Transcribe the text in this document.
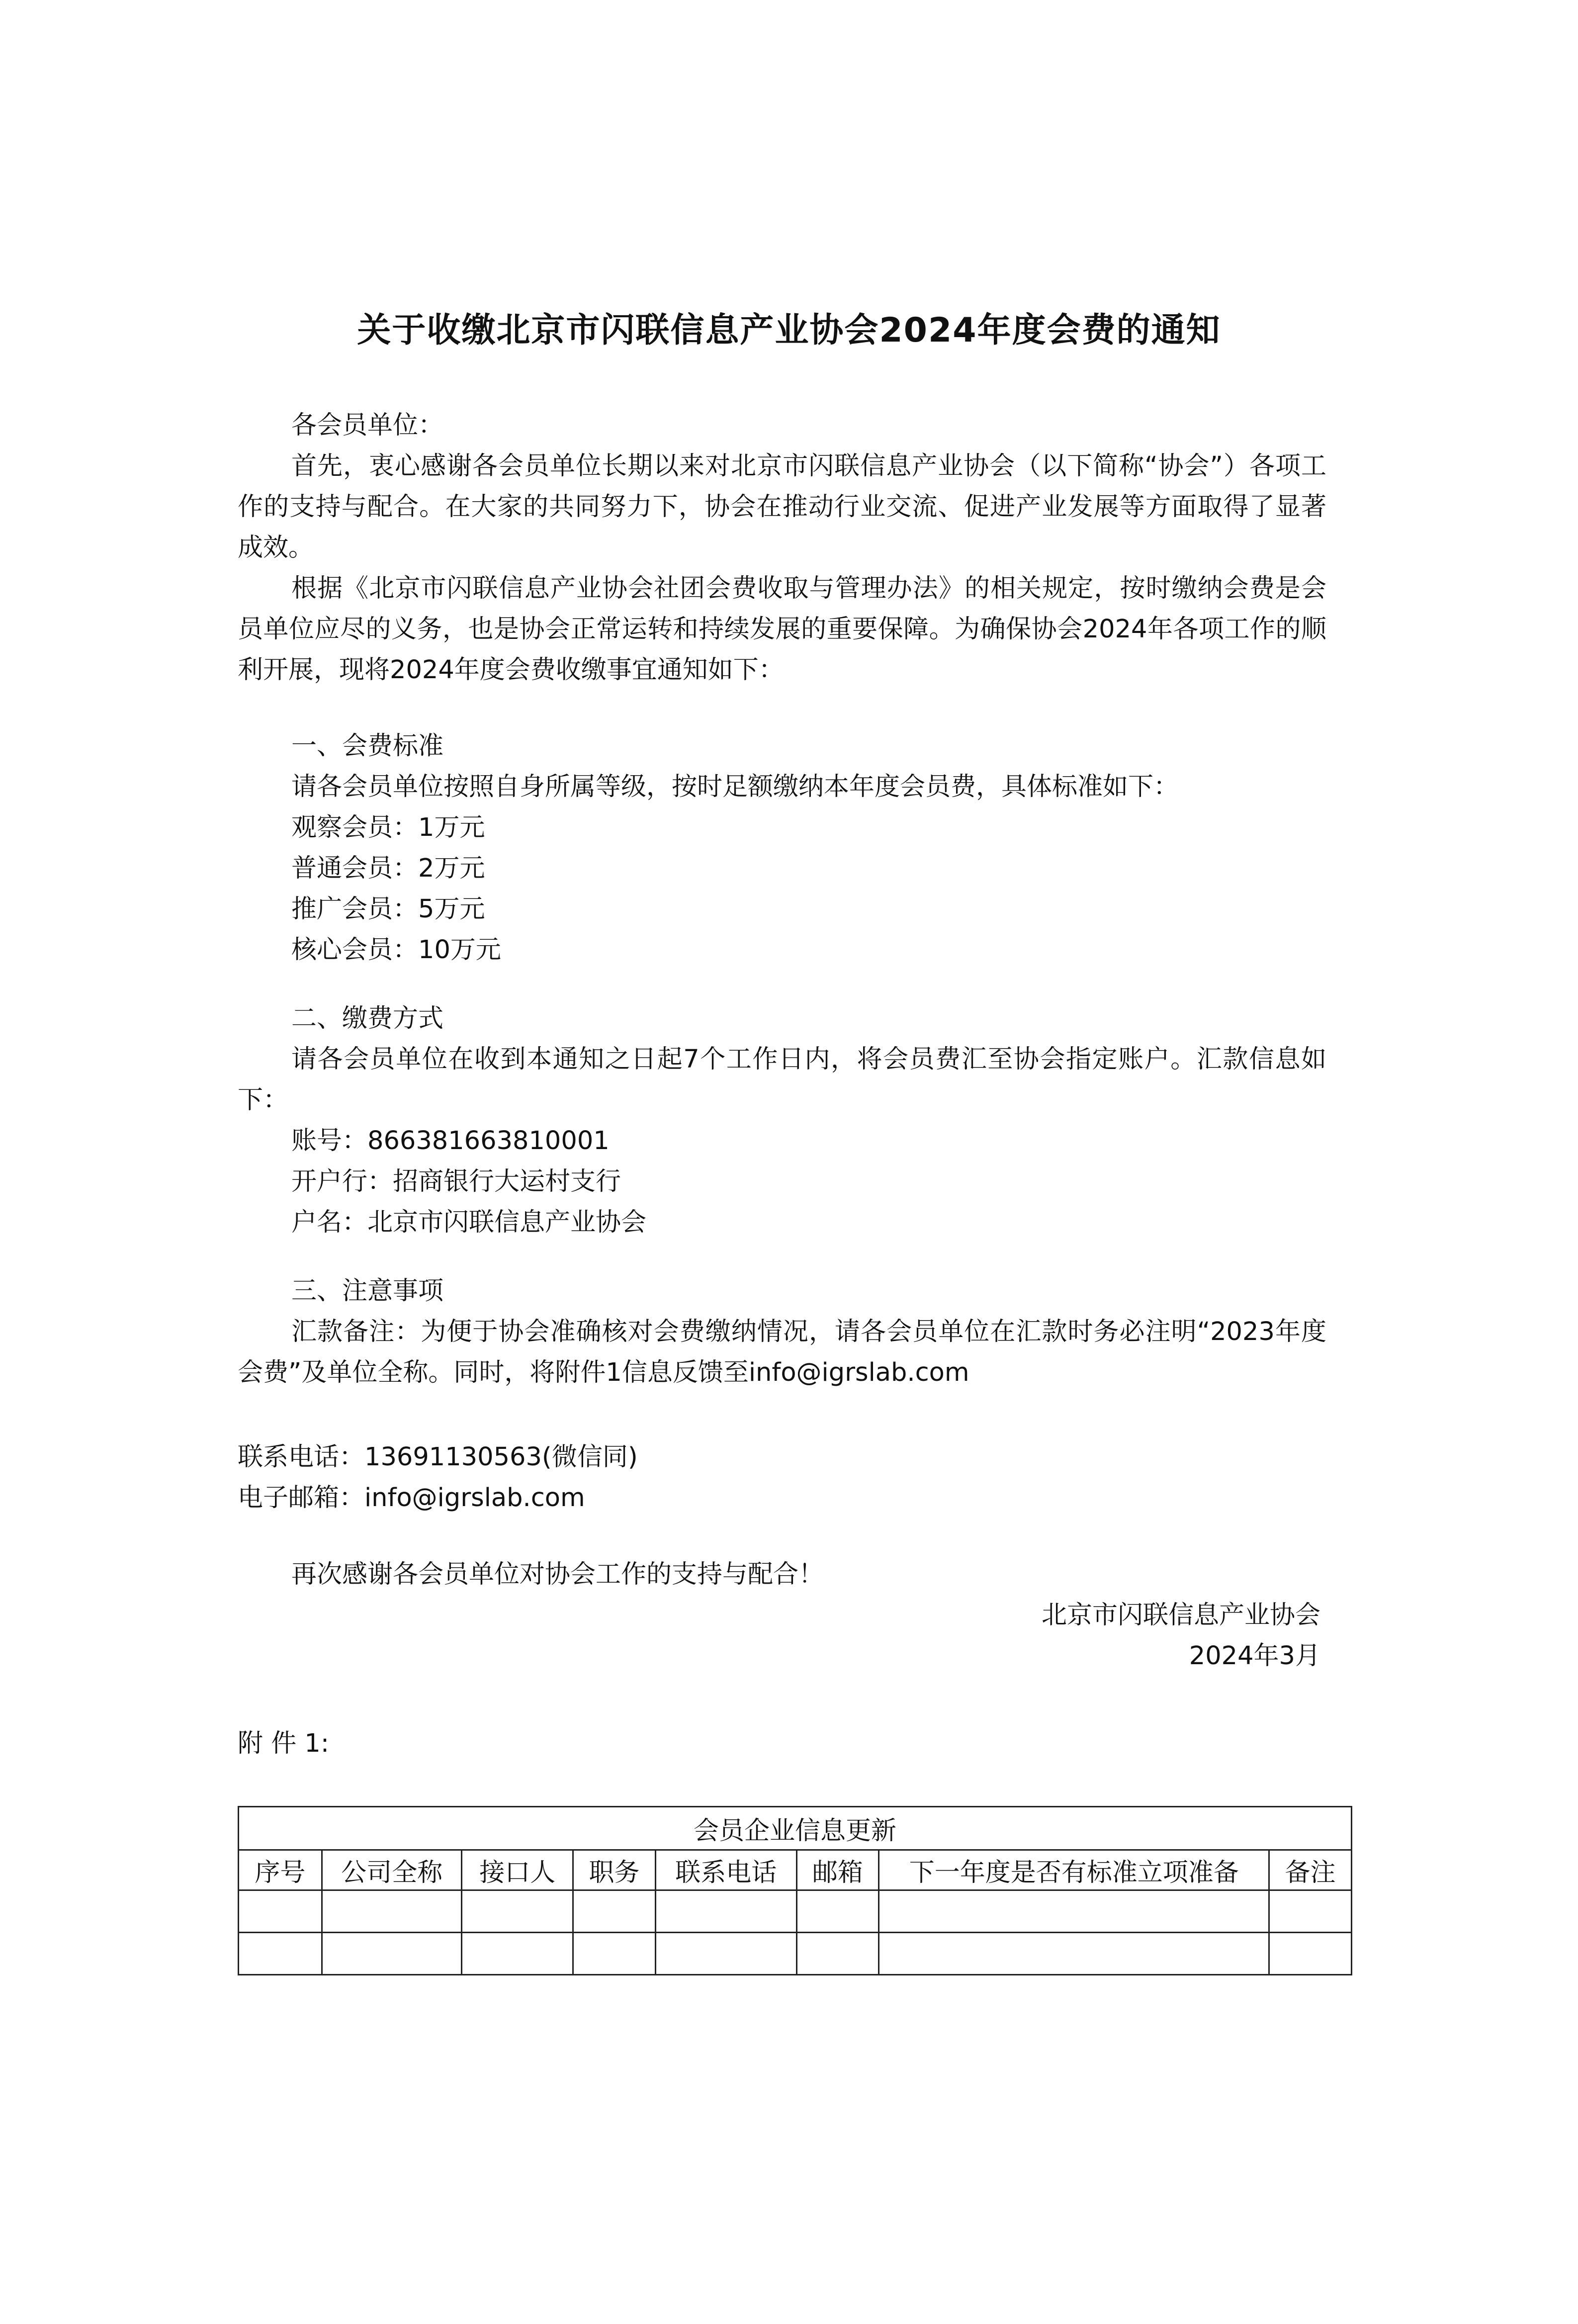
关于收缴北京市闪联信息产业协会2024年度会费的通知
各会员单位：
首先，衷心感谢各会员单位长期以来对北京市闪联信息产业协会（以下简称“协会”）各项工作的支持与配合。在大家的共同努力下，协会在推动行业交流、促进产业发展等方面取得了显著成效。
根据《北京市闪联信息产业协会社团会费收取与管理办法》的相关规定，按时缴纳会费是会员单位应尽的义务，也是协会正常运转和持续发展的重要保障。为确保协会2024年各项工作的顺利开展，现将2024年度会费收缴事宜通知如下：
一、会费标准
请各会员单位按照自身所属等级，按时足额缴纳本年度会员费，具体标准如下：
观察会员：1万元
普通会员：2万元
推广会员：5万元
核心会员：10万元
二、缴费方式
请各会员单位在收到本通知之日起7个工作日内，将会员费汇至协会指定账户。汇款信息如下：
账号：866381663810001
开户行：招商银行大运村支行
户名：北京市闪联信息产业协会
三、注意事项
汇款备注：为便于协会准确核对会费缴纳情况，请各会员单位在汇款时务必注明“2023年度会费”及单位全称。同时，将附件1信息反馈至info@igrslab.com
联系电话：13691130563(微信同)
电子邮箱：info@igrslab.com
再次感谢各会员单位对协会工作的支持与配合！
北京市闪联信息产业协会
2024年3月
附 件 1:
会员企业信息更新							
序号	公司全称	接口人	职务	联系电话	邮箱	下一年度是否有标准立项准备	备注
